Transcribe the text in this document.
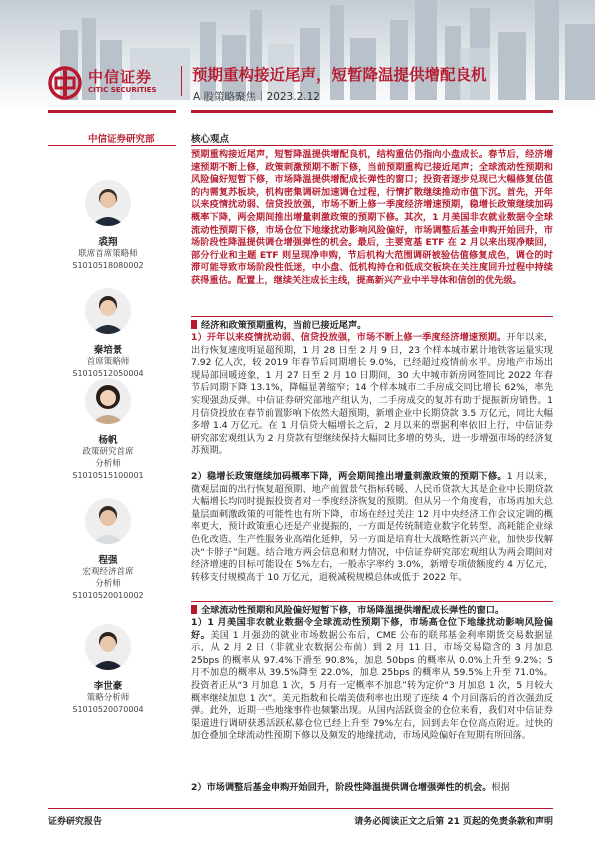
中信证券
CITIC SECURITIES
预期重构接近尾声，短暂降温提供增配良机
A 股策略聚焦｜2023.2.12
中信证券研究部
裘翔
联席首席策略师
S1010518080002
秦培景
首席策略师
S1010512050004
杨帆
政策研究首席
分析师
S1010515100001
程强
宏观经济首席
分析师
S1010520010002
李世豪
策略分析师
S1010520070004
核心观点
预期重构接近尾声，短暂降温提供增配良机，结构重估仍指向小盘成长。春节后，经济增速预期不断上修，政策刺激预期不断下修，当前预期重构已接近尾声；全球流动性预期和风险偏好短暂下修，市场降温提供增配成长弹性的窗口；投资者逐步兑现已大幅修复估值的内需复苏板块，机构密集调研加速调仓过程，行情扩散继续推动市值下沉。首先，开年以来疫情扰动弱、信贷投放强，市场不断上修一季度经济增速预期，稳增长政策继续加码概率下降，两会期间推出增量刺激政策的预期下修。其次，1 月美国非农就业数据令全球流动性预期下修，市场仓位下地缘扰动影响风险偏好，市场调整后基金申购开始回升，市场阶段性降温提供调仓增强弹性的机会。最后，主要宽基 ETF 在 2 月以来出现净赎回，部分行业和主题 ETF 则呈现净申购，节后机构大范围调研被验估值修复成色，调仓的时滞可能导致市场阶段性低迷，中小盘、低机构持仓和低成交板块在关注度回升过程中持续获得重估。配置上，继续关注成长主线，提高新兴产业中半导体和信创的优先级。
经济和政策预期重构，当前已接近尾声。
1）开年以来疫情扰动弱、信贷投放强，市场不断上修一季度经济增速预期。开年以来，出行恢复速度明显超预期，1 月 28 日至 2 月 9 日，23 个样本城市累计地铁客运量实现 7.92 亿人次，较 2019 年春节后同期增长 9.0%，已经超过疫情前水平。房地产市场出现局部回暖迹象，1 月 27 日至 2 月 10 日期间，30 大中城市新房网签同比 2022 年春节后同期下降 13.1%，降幅显著缩窄；14 个样本城市二手房成交同比增长 62%，率先实现强劲反弹。中信证券研究部地产组认为，二手房成交的复苏有助于提振新房销售。1 月信贷投放在春节前置影响下依然大超预期，新增企业中长期贷款 3.5 万亿元，同比大幅多增 1.4 万亿元。在 1 月信贷大幅增长之后，2 月以来的票据利率依旧上行，中信证券研究部宏观组认为 2 月贷款有望继续保持大幅同比多增的势头，进一步增强市场的经济复苏预期。
2）稳增长政策继续加码概率下降，两会期间推出增量刺激政策的预期下修。1 月以来，微观层面的出行恢复超预期、地产前置景气指标转暖、人民币贷款大其是企业中长期贷款大幅增长均同时提振投资者对一季度经济恢复的预期。但从另一个角度看，市场再加大总量层面刺激政策的可能性也有所下降，市场在经过关注 12 月中央经济工作会议定调的概率更大，预计政策重心还是产业提振的，一方面是传统制造业数字化转型、高耗能企业绿色化改造、生产性服务业高端化延伸，另一方面是培育壮大战略性新兴产业，加快步伐解决“卡脖子”问题。结合地方两会信息和财力情况，中信证券研究部宏观组认为两会期间对经济增速的目标可能设在 5%左右，一般赤字率约 3.0%，新增专项债额度约 4 万亿元，转移支付规模高于 10 万亿元，退税减税规模总体或低于 2022 年。
全球流动性预期和风险偏好短暂下修，市场降温提供增配成长弹性的窗口。
1）1 月美国非农就业数据令全球流动性预期下修，市场高仓位下地缘扰动影响风险偏好。美国 1 月强劲的就业市场数据公布后，CME 公布的联邦基金利率期货交易数据显示，从 2 月 2 日（非就业农数据公布前）到 2 月 11 日，市场交易隐含的 3 月加息 25bps 的概率从 97.4%下滑至 90.8%，加息 50bps 的概率从 0.0%上升至 9.2%；5 月不加息的概率从 39.5%降至 22.0%，加息 25bps 的概率从 59.5%上升至 71.0%。投资者正从“3 月加息 1 次，5 月有一定概率不加息”转为定价“3 月加息 1 次，5 月较大概率继续加息 1 次”。美元指数和长端美债利率也出现了连续 4 个月回落后的首次强劲反弹。此外，近期一些地缘事件也频繁出现。从国内活跃资金的仓位来看，我们对中信证券渠道进行调研获悉活跃私募仓位已经上升至 79%左右，回到去年仓位高点附近。过快的加仓叠加全球流动性预期下修以及频发的地缘扰动，市场风险偏好在短期有所回落。
2）市场调整后基金申购开始回升，阶段性降温提供调仓增强弹性的机会。根据
证券研究报告	请务必阅读正文之后第 21 页起的免责条款和声明
